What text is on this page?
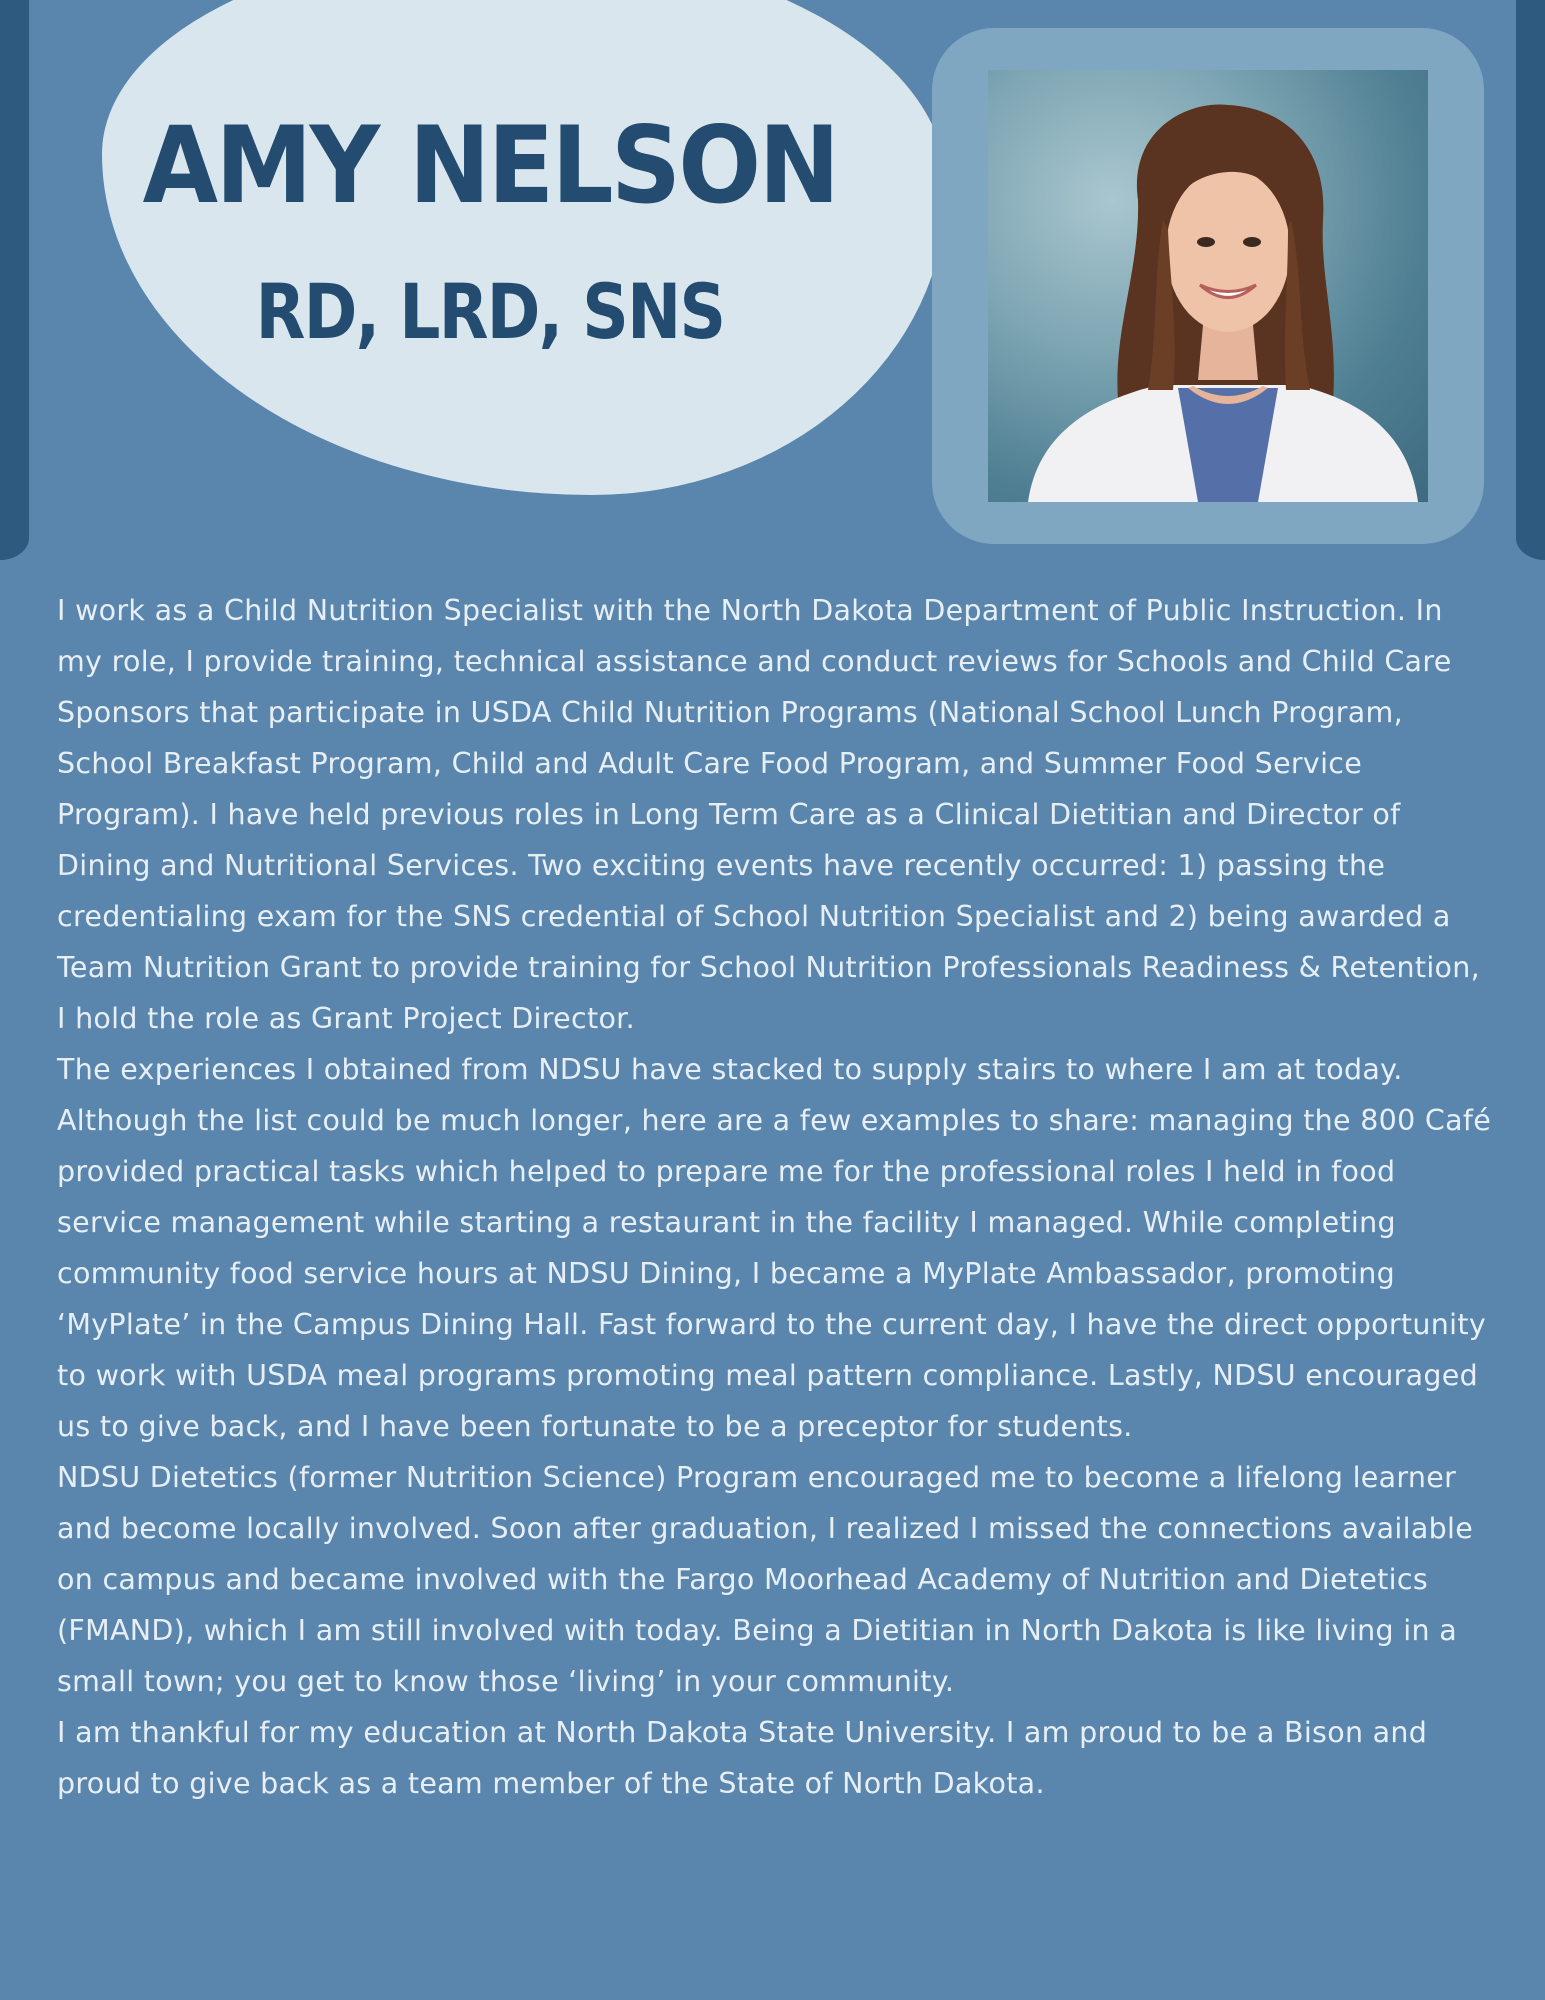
AMY NELSON
RD, LRD, SNS

I work as a Child Nutrition Specialist with the North Dakota Department of Public Instruction. In my role, I provide training, technical assistance and conduct reviews for Schools and Child Care Sponsors that participate in USDA Child Nutrition Programs (National School Lunch Program, School Breakfast Program, Child and Adult Care Food Program, and Summer Food Service Program). I have held previous roles in Long Term Care as a Clinical Dietitian and Director of Dining and Nutritional Services. Two exciting events have recently occurred: 1) passing the credentialing exam for the SNS credential of School Nutrition Specialist and 2) being awarded a Team Nutrition Grant to provide training for School Nutrition Professionals Readiness & Retention, I hold the role as Grant Project Director.

The experiences I obtained from NDSU have stacked to supply stairs to where I am at today. Although the list could be much longer, here are a few examples to share: managing the 800 Café provided practical tasks which helped to prepare me for the professional roles I held in food service management while starting a restaurant in the facility I managed. While completing community food service hours at NDSU Dining, I became a MyPlate Ambassador, promoting ‘MyPlate’ in the Campus Dining Hall. Fast forward to the current day, I have the direct opportunity to work with USDA meal programs promoting meal pattern compliance. Lastly, NDSU encouraged us to give back, and I have been fortunate to be a preceptor for students.

NDSU Dietetics (former Nutrition Science) Program encouraged me to become a lifelong learner and become locally involved. Soon after graduation, I realized I missed the connections available on campus and became involved with the Fargo Moorhead Academy of Nutrition and Dietetics (FMAND), which I am still involved with today. Being a Dietitian in North Dakota is like living in a small town; you get to know those ‘living’ in your community.

I am thankful for my education at North Dakota State University. I am proud to be a Bison and proud to give back as a team member of the State of North Dakota.
